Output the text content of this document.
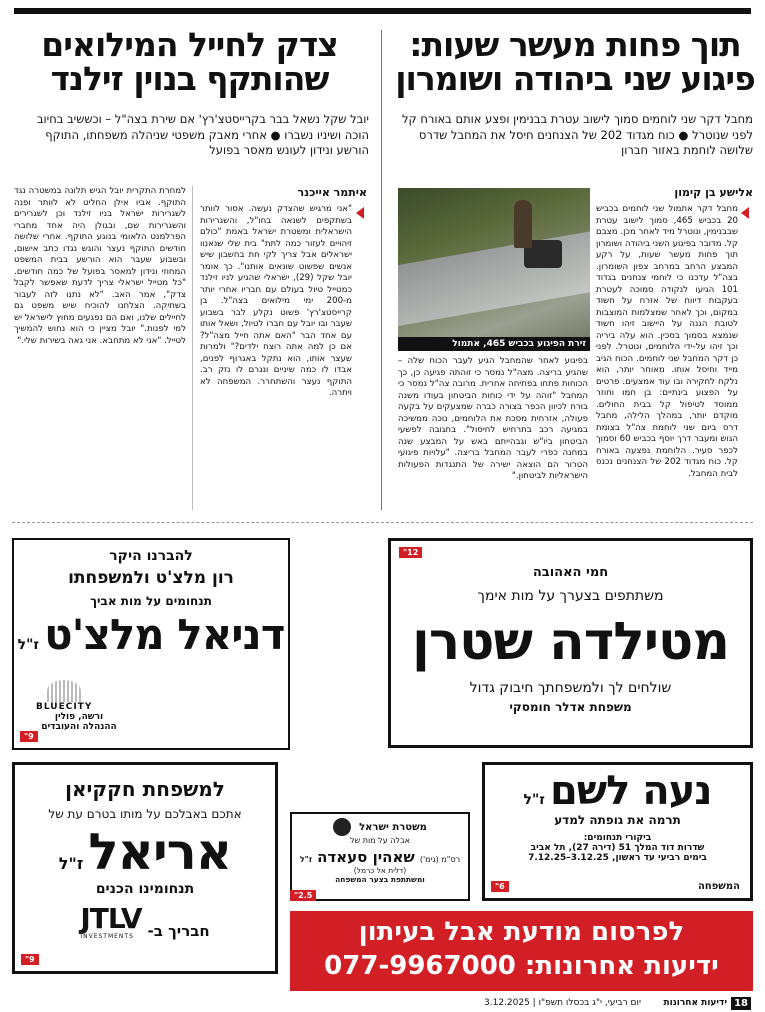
תוך פחות מעשר שעות:
פיגוע שני ביהודה ושומרון
מחבל דקר שני לוחמים סמוך לישוב עטרת בבנימין ופצע אותם באורח קל לפני שנוטרל ● כוח מגדוד 202 של הצנחנים חיסל את המחבל שדרס שלושה לוחמת באזור חברון
אלישע בן קימון
מחבל דקר אתמול שני לוחמים בכביש 20 בכביש 465, סמוך לישוב עטרת שבבנימין, ונוטרל מיד לאחר מכן. מצבם קל. מדובר בפיגוע השני ביהודה ושומרון תוך פחות מעשר שעות, על רקע המבצע הרחב במרחב צפון השומרון. בצה"ל עדכנו כי לוחמי צנחנים בגדוד 101 הגיעו לנקודה סמוכה לעטרת בעקבות דיווח של אזרח על חשוד במקום, וכך לאחר שמצלמות המוצבות לטובת הגנה על היישוב זיהו חשוד שנמצא בסמוך בסכין. הוא עלה ביריה וכך זיהו על-ידי הלוחמים, ונוטרל. לפני כן דקר המחבל שני לוחמים. הכוח הגיב מייד וחיסל אותו. מאוחר יותר, הוא נלקח לחקירה ובו עוד אמצעים. פרטים על הפצוע בינתיים: בן חמו וחוזר ממוסד לטיפול קל בבית החולים. מוקדם יותר, במהלך הלילה, מחבל דרס ביום שני לוחמת צה"ל בצומת הגוש ומעבר דרך יוסף בכביש 60 וסמוך לכפר סעיר. הלוחמת נפצעה באורח קל. כוח מגדוד 202 של הצנחנים נכנס לבית המחבל.
זירת הפיגוע בכביש 465, אתמול
בפיגוע לאחר שהמחבל הגיע לעבר הכוח שלה – שהגיע בריצה. מצה"ל נמסר כי זוהתה פגיעה כן, כך הכוחות פתחו בפתיחה אחרית. מרובה צה"ל נמסר כי המחבל "זוהה על ידי כוחות הביטחון בעודו משנה בורח לכיוון הכפר בצורה כברה שמצעקים על בקעה פעולה, אזרחית מסכת את הלוחמים, נוכה ממשיכה במגיעה רכב בתרחיש לחיסול". בתגובה לפשעי הביטחון ביו"ש וגבהייתם באש על המבצע שנה במחנה כפרי לעבר המחבל בריצה. "עלויות פיגועי הטרור הם הוצאה ישירה של התנגדות הפעולות הישראליות לביטחון."
צדק לחייל המילואים
שהותקף בנוין זילנד
יובל שקל נשאל בבר בקרייסטצ'רץ' אם שירת בצה"ל – וכששיב בחיוב הוכה ושיניו נשברו ● אחרי מאבק משפטי שניהלה משפחתו, התוקף הורשע ונידון לעונש מאסר בפועל
איתמר אייכנר
"אני מרגיש שהצדק נעשה. אסור לוותר בשתקפים לשנאה בחו"ל, והשגרירות הישראלית ומשטרת ישראל באמת "כולם זיהויים לעזור כמה לתת" בית שלי שנאנוו ישראלים אבל צריך לקי חת בחשבון שיש אנשים שפשוט שונאים אותנו". כך אומר יובל שקל (29), ישראלי שהגיע לניו זילנד כמטייל טיול בעולם עם חבריו אחרי יותר מ-200 ימי מילואים בצה"ל. בן קרייסטצ'רץ' פשוט נקלע לבר בשבוע שעבר ובו יובל עם חברו לטיול, ושאל אותו עם אחד הבר "האם אתה חייל מצה"ל? אם כן למה אתה רוצח ילדים?" ולמרות שעצר אותו, הוא נתקל באגרוף לפנים, אבדו לו כמה שיניים ונגרם לו נזק רב. התוקף נעצר והשתחרר. המשפחה לא ויתרה.
למחרת התקרית יובל הגיש תלונה במשטרה נגד התוקף. אביו אילן החליט לא לוותר ופנה לשגרירות ישראל בניו זילנד וכן לשגרירים והשגרירות שם, ובגולן היה אחד מחברי הפרלמנט הלאומי בנוגע התוקף. אחרי שלושה חודשים התוקף נעצר והוגש נגדו כתב אישום, ובשבוע שעבר הוא הורשע בבית המשפט המחוזי ונידון למאסר בפועל של כמה חודשים. "כל מטייל ישראלי צריך לדעת שאפשר לקבל צדק", אמר האב. "לא נתנו לזה לעבור בשתיקה. הצלחנו להוכיח שיש משפט גם לחיילים שלנו, ואם הם נפגעים מחוץ לישראל יש למי לפנות." יובל מציין כי הוא נחוש להמשיך לטייל. "אני לא מתחבא. אני גאה בשירות שלי."
12"
חמי האהובה
משתתפים בצערך על מות אימך
מטילדה שטרן
שולחים לך ולמשפחתך חיבוק גדול
משפחת אדלר חומסקי
9"
להברנו היקר
רון מלצ'ט ולמשפחתו
תנחומים על מות אביך
דניאל מלצ'ט ז"ל
BLUECITY
ורשה, פולין
ההנהלה והעובדים
6"
נעה לשם ז"ל
תרמה את גופתה למדע
ביקורי תנחומים:
שדרות דוד המלך 51 (דירה 27), תל אביב
בימים רביעי עד ראשון, 3.12.25–7.12.25
המשפחה
2.5"
משטרת ישראל
אבלה על מות של
רס"מ (גימ') שאהין סעאדה ז"ל
(דלית אל כרמל)
ומשתתפת בצער המשפחה
9"
למשפחת חקקיאן
אתכם באבלכם על מותו בטרם עת של
אריאל ז"ל
תנחומינו הכנים
חבריך ב-
JTLV
INVESTMENTS	לפרסום מודעת אבל בעיתון
ידיעות אחרונות: 077-9967000
18
ידיעות אחרונות
יום רביעי, י"ג בכסלו תשפ"ו | 3.12.2025
